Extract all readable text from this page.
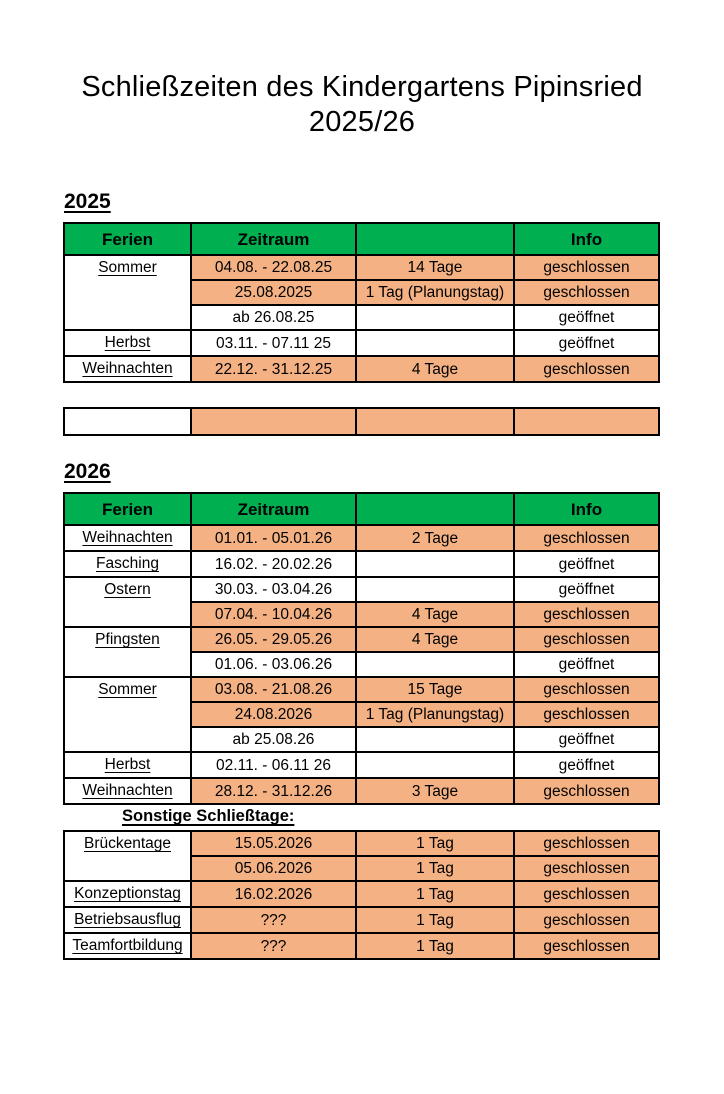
Schließzeiten des Kindergartens Pipinsried
2025/26
2025
Ferien	Zeitraum		Info
Sommer	04.08. - 22.08.25	14 Tage	geschlossen
	25.08.2025	1 Tag (Planungstag)	geschlossen
	ab 26.08.25		geöffnet
Herbst	03.11. - 07.11 25		geöffnet
Weihnachten	22.12. - 31.12.25	4 Tage	geschlossen

2026
Ferien	Zeitraum		Info
Weihnachten	01.01. - 05.01.26	2 Tage	geschlossen
Fasching	16.02. - 20.02.26		geöffnet
Ostern	30.03. - 03.04.26		geöffnet
	07.04. - 10.04.26	4 Tage	geschlossen
Pfingsten	26.05. - 29.05.26	4 Tage	geschlossen
	01.06. - 03.06.26		geöffnet
Sommer	03.08. - 21.08.26	15 Tage	geschlossen
	24.08.2026	1 Tag (Planungstag)	geschlossen
	ab 25.08.26		geöffnet
Herbst	02.11. - 06.11 26		geöffnet
Weihnachten	28.12. - 31.12.26	3 Tage	geschlossen
Sonstige Schließtage:
Brückentage	15.05.2026	1 Tag	geschlossen
	05.06.2026	1 Tag	geschlossen
Konzeptionstag	16.02.2026	1 Tag	geschlossen
Betriebsausflug	???	1 Tag	geschlossen
Teamfortbildung	???	1 Tag	geschlossen
